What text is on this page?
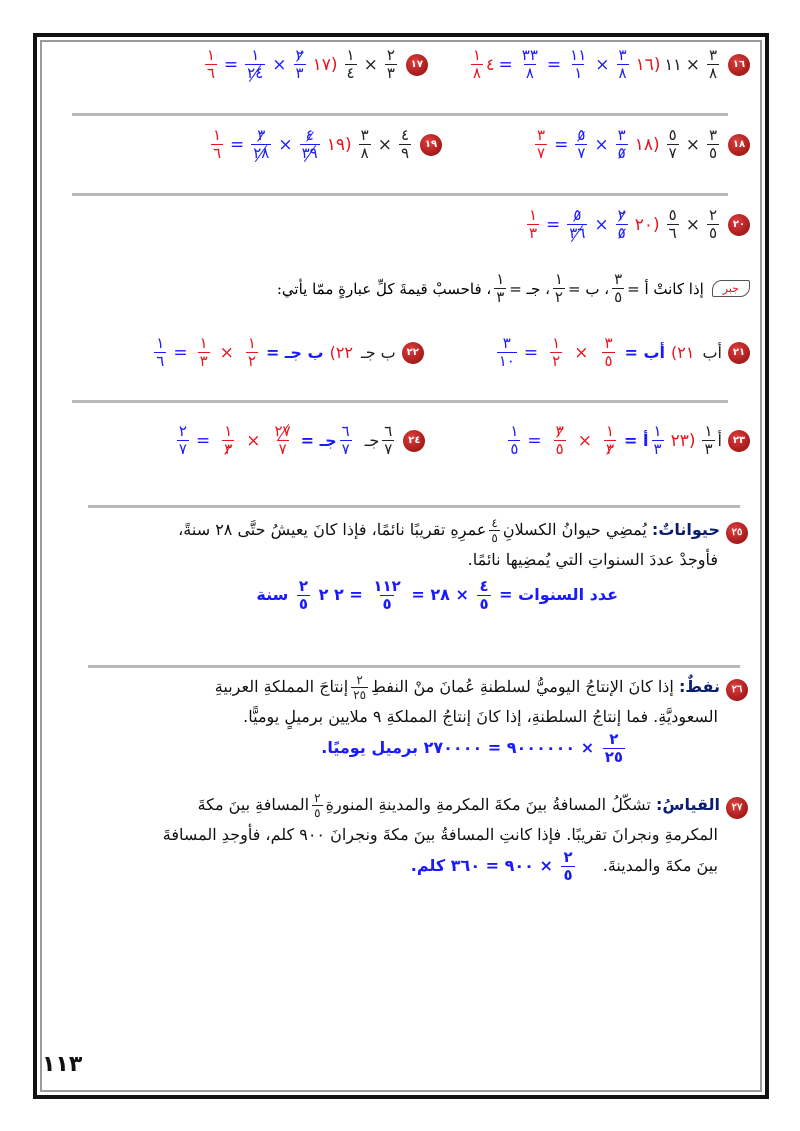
١٦
$\frac{٣}{٨}$
×
١١
(١٦
$\frac{٣}{٨}$
×
$\frac{١١}{١}$
=
$\frac{٣٣}{٨}$
=
٤
$\frac{١}{٨}$
١٧
$\frac{٢}{٣}$
×
$\frac{١}{٤}$
(١٧
$\frac{٢}{٣}$
×
$\frac{١}{٢٤}$
=
$\frac{١}{٦}$
١٨
$\frac{٣}{٥}$
×
$\frac{٥}{٧}$
(١٨
$\frac{٣}{٥}$
×
$\frac{٥}{٧}$
=
$\frac{٣}{٧}$
١٩
$\frac{٤}{٩}$
×
$\frac{٣}{٨}$
(١٩
$\frac{٤}{٣٩}$
×
$\frac{٣}{٢٨}$
=
$\frac{١}{٦}$
٢٠
$\frac{٢}{٥}$
×
$\frac{٥}{٦}$
(٢٠
$\frac{٢}{٥}$
×
$\frac{٥}{٣٦}$
=
$\frac{١}{٣}$
جبر
إذا كانتْ أ =
$\frac{٣}{٥}$
، ب =
$\frac{١}{٢}$
، جـ =
$\frac{١}{٣}$
، فاحسبْ قيمةَ كلِّ عبارةٍ ممّا يأتي:
٢١
أب
٢١)
أب =
$\frac{٣}{٥}$
×
$\frac{١}{٢}$
=
$\frac{٣}{١٠}$
٢٢
ب جـ
٢٢)
ب جـ =
$\frac{١}{٢}$
×
$\frac{١}{٣}$
=
$\frac{١}{٦}$
٢٣
أ
$\frac{١}{٣}$
(٢٣
$\frac{١}{٣}$
أ =
$\frac{١}{٣}$
×
$\frac{٣}{٥}$
=
$\frac{١}{٥}$
٢٤
$\frac{٦}{٧}$
جـ
$\frac{٦}{٧}$
جـ =
$\frac{٢٧}{٧}$
×
$\frac{١}{٣}$
=
$\frac{٢}{٧}$
٢٥حيواناتٌ: يُمضِي حيوانُ الكسلانِ
$\frac{٤}{٥}$
عمرِهِ تقريبًا نائمًا، فإذا كانَ يعيشُ حتَّى ٢٨ سنةً،
فأوجدْ عددَ السنواتِ التي يُمضِيها نائمًا.
عدد السنوات =
$\frac{٤}{٥}$
× ٢٨ =
$\frac{١١٢}{٥}$
= ٢ ٢
$\frac{٢}{٥}$
سنة
٢٦نفطٌ: إذا كانَ الإنتاجُ اليوميُّ لسلطنةِ عُمانَ منْ النفطِ
$\frac{٢}{٢٥}$
إنتاجَ المملكةِ العربيةِ
السعوديَّةِ. فما إنتاجُ السلطنةِ، إذا كانَ إنتاجُ المملكةِ ٩ ملايين برميلٍ يوميًّا.
$\frac{٢}{٢٥}$
× ٩٠٠٠٠٠٠ = ٢٧٠٠٠٠ برميل يوميًا.
٢٧القياسُ: تشكّلُ المسافةُ بينَ مكةَ المكرمةِ والمدينةِ المنورةِ
$\frac{٢}{٥}$
المسافةِ بينَ مكةَ
المكرمةِ ونجرانَ تقريبًا. فإذا كانتِ المسافةُ بينَ مكةَ ونجرانَ ٩٠٠ كلم، فأوجدِ المسافةَ
بينَ مكةَ والمدينةَ.
$\frac{٢}{٥}$
× ٩٠٠ = ٣٦٠ كلم.
١١٣
